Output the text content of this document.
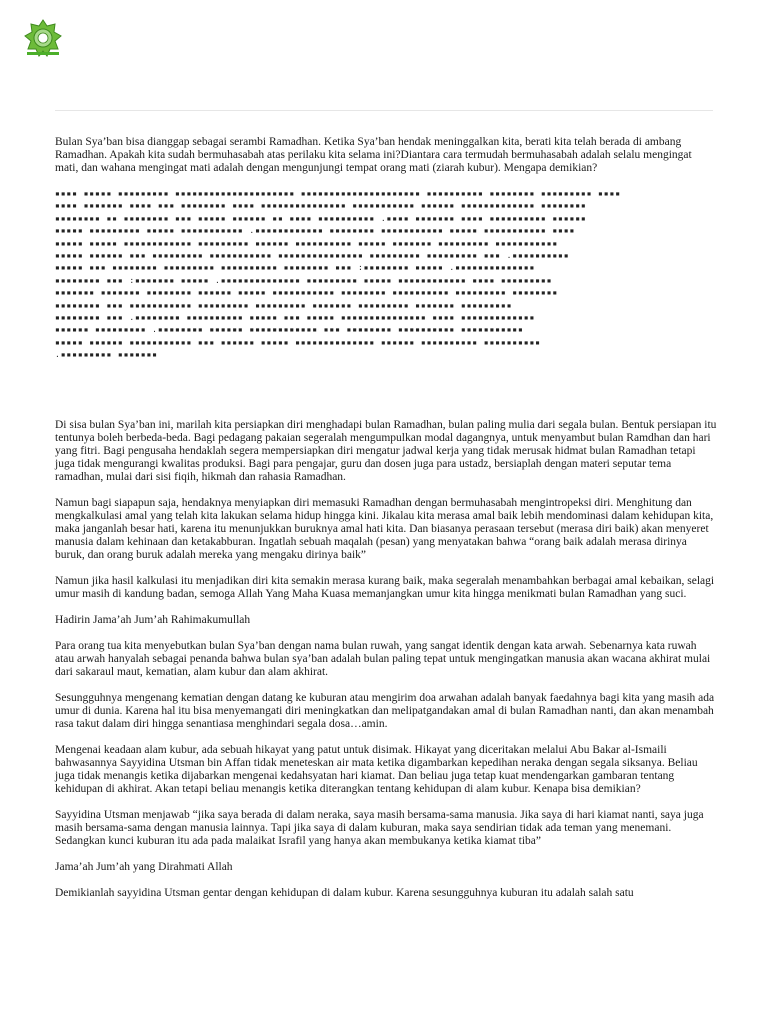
Bulan Sya’ban bisa dianggap sebagai serambi Ramadhan. Ketika Sya’ban hendak meninggalkan kita, berati kita telah berada di ambang Ramadhan. Apakah kita sudah bermuhasabah atas perilaku kita selama ini?Diantara cara termudah bermuhasabah adalah selalu mengingat mati, dan wahana mengingat mati adalah dengan mengunjungi tempat orang mati (ziarah kubur). Mengapa demikian?

▪▪▪▪ ▪▪▪▪▪ ▪▪▪▪▪▪▪▪▪ ▪▪▪▪▪▪▪▪▪▪▪▪▪▪▪▪▪▪▪▪▪ ▪▪▪▪▪▪▪▪▪▪▪▪▪▪▪▪▪▪▪▪▪ ▪▪▪▪▪▪▪▪▪▪ ▪▪▪▪▪▪▪▪ ▪▪▪▪▪▪▪▪▪ ▪▪▪▪
▪▪▪▪ ▪▪▪▪▪▪▪ ▪▪▪▪ ▪▪▪ ▪▪▪▪▪▪▪▪ ▪▪▪▪ ▪▪▪▪▪▪▪▪▪▪▪▪▪▪▪ ▪▪▪▪▪▪▪▪▪▪▪ ▪▪▪▪▪▪ ▪▪▪▪▪▪▪▪▪▪▪▪▪ ▪▪▪▪▪▪▪▪
▪▪▪▪▪▪▪▪ ▪▪ ▪▪▪▪▪▪▪▪ ▪▪▪ ▪▪▪▪▪ ▪▪▪▪▪▪ ▪▪ ▪▪▪▪ ▪▪▪▪▪▪▪▪▪▪ .▪▪▪▪ ▪▪▪▪▪▪▪ ▪▪▪▪ ▪▪▪▪▪▪▪▪▪▪ ▪▪▪▪▪▪
▪▪▪▪▪ ▪▪▪▪▪▪▪▪▪ ▪▪▪▪▪ ▪▪▪▪▪▪▪▪▪▪▪ .▪▪▪▪▪▪▪▪▪▪▪▪ ▪▪▪▪▪▪▪▪ ▪▪▪▪▪▪▪▪▪▪▪ ▪▪▪▪▪ ▪▪▪▪▪▪▪▪▪▪▪ ▪▪▪▪
▪▪▪▪▪ ▪▪▪▪▪ ▪▪▪▪▪▪▪▪▪▪▪▪ ▪▪▪▪▪▪▪▪▪ ▪▪▪▪▪▪ ▪▪▪▪▪▪▪▪▪▪ ▪▪▪▪▪ ▪▪▪▪▪▪▪ ▪▪▪▪▪▪▪▪▪ ▪▪▪▪▪▪▪▪▪▪▪
▪▪▪▪▪ ▪▪▪▪▪▪ ▪▪▪ ▪▪▪▪▪▪▪▪▪ ▪▪▪▪▪▪▪▪▪▪▪ ▪▪▪▪▪▪▪▪▪▪▪▪▪▪▪ ▪▪▪▪▪▪▪▪▪ ▪▪▪▪▪▪▪▪▪ ▪▪▪ .▪▪▪▪▪▪▪▪▪▪
▪▪▪▪▪ ▪▪▪ ▪▪▪▪▪▪▪▪ ▪▪▪▪▪▪▪▪▪ ▪▪▪▪▪▪▪▪▪▪ ▪▪▪▪▪▪▪▪ ▪▪▪ :▪▪▪▪▪▪▪▪ ▪▪▪▪▪ .▪▪▪▪▪▪▪▪▪▪▪▪▪▪
▪▪▪▪▪▪▪▪ ▪▪▪ :▪▪▪▪▪▪▪ ▪▪▪▪▪ .▪▪▪▪▪▪▪▪▪▪▪▪▪▪ ▪▪▪▪▪▪▪▪▪ ▪▪▪▪▪ ▪▪▪▪▪▪▪▪▪▪▪▪ ▪▪▪▪ ▪▪▪▪▪▪▪▪▪
▪▪▪▪▪▪▪ ▪▪▪▪▪▪▪ ▪▪▪▪▪▪▪▪ ▪▪▪▪▪▪ ▪▪▪▪▪ ▪▪▪▪▪▪▪▪▪▪▪ ▪▪▪▪▪▪▪▪ ▪▪▪▪▪▪▪▪▪▪ ▪▪▪▪▪▪▪▪▪ ▪▪▪▪▪▪▪▪
▪▪▪▪▪▪▪▪ ▪▪▪ ▪▪▪▪▪▪▪▪▪▪▪ ▪▪▪▪▪▪▪▪▪ ▪▪▪▪▪▪▪▪▪ ▪▪▪▪▪▪▪ ▪▪▪▪▪▪▪▪▪ ▪▪▪▪▪▪▪ ▪▪▪▪▪▪▪▪▪
▪▪▪▪▪▪▪▪ ▪▪▪ .▪▪▪▪▪▪▪▪ ▪▪▪▪▪▪▪▪▪▪ ▪▪▪▪▪ ▪▪▪ ▪▪▪▪▪ ▪▪▪▪▪▪▪▪▪▪▪▪▪▪▪ ▪▪▪▪ ▪▪▪▪▪▪▪▪▪▪▪▪▪
▪▪▪▪▪▪ ▪▪▪▪▪▪▪▪▪ .▪▪▪▪▪▪▪▪ ▪▪▪▪▪▪ ▪▪▪▪▪▪▪▪▪▪▪▪ ▪▪▪ ▪▪▪▪▪▪▪▪ ▪▪▪▪▪▪▪▪▪▪ ▪▪▪▪▪▪▪▪▪▪▪
▪▪▪▪▪ ▪▪▪▪▪▪ ▪▪▪▪▪▪▪▪▪▪▪ ▪▪▪ ▪▪▪▪▪▪ ▪▪▪▪▪ ▪▪▪▪▪▪▪▪▪▪▪▪▪▪ ▪▪▪▪▪▪ ▪▪▪▪▪▪▪▪▪▪ ▪▪▪▪▪▪▪▪▪▪
.▪▪▪▪▪▪▪▪▪ ▪▪▪▪▪▪▪

Di sisa bulan Sya’ban ini, marilah kita persiapkan diri menghadapi bulan Ramadhan, bulan paling mulia dari segala bulan. Bentuk persiapan itu tentunya boleh berbeda-beda. Bagi pedagang pakaian segeralah mengumpulkan modal dagangnya, untuk menyambut bulan Ramdhan dan hari yang fitri. Bagi pengusaha hendaklah segera mempersiapkan diri mengatur jadwal kerja yang tidak merusak hidmat bulan Ramadhan tetapi juga tidak mengurangi kwalitas produksi. Bagi para pengajar, guru dan dosen juga para ustadz, bersiaplah dengan materi seputar tema ramadhan, mulai dari sisi fiqih, hikmah dan rahasia Ramadhan.

Namun bagi siapapun saja, hendaknya menyiapkan diri memasuki Ramadhan dengan bermuhasabah mengintropeksi diri. Menghitung dan mengkalkulasi amal yang telah kita lakukan selama hidup hingga kini. Jikalau kita merasa amal baik lebih mendominasi dalam kehidupan kita, maka janganlah besar hati, karena itu menunjukkan buruknya amal hati kita. Dan biasanya perasaan tersebut (merasa diri baik) akan menyeret manusia dalam kehinaan dan ketakabburan. Ingatlah sebuah maqalah (pesan) yang menyatakan bahwa “orang baik adalah merasa dirinya buruk, dan orang buruk adalah mereka yang mengaku dirinya baik”

Namun jika hasil kalkulasi itu menjadikan diri kita semakin merasa kurang baik, maka segeralah menambahkan berbagai amal kebaikan, selagi umur masih di kandung badan, semoga Allah Yang Maha Kuasa memanjangkan umur kita hingga menikmati bulan Ramadhan yang suci.

Hadirin Jama’ah Jum’ah Rahimakumullah

Para orang tua kita menyebutkan bulan Sya’ban dengan nama bulan ruwah, yang sangat identik dengan kata arwah. Sebenarnya kata ruwah atau arwah hanyalah sebagai penanda bahwa bulan sya’ban adalah bulan paling tepat untuk mengingatkan manusia akan wacana akhirat mulai dari sakaraul maut, kematian, alam kubur dan alam akhirat.

Sesungguhnya mengenang kematian dengan datang ke kuburan atau mengirim doa arwahan adalah banyak faedahnya bagi kita yang masih ada umur di dunia. Karena hal itu bisa menyemangati diri meningkatkan dan melipatgandakan amal di bulan Ramadhan nanti, dan akan menambah rasa takut dalam diri hingga senantiasa menghindari segala dosa…amin.

Mengenai keadaan alam kubur, ada sebuah hikayat yang patut untuk disimak. Hikayat yang diceritakan melalui Abu Bakar al-Ismaili bahwasannya Sayyidina Utsman bin Affan tidak meneteskan air mata ketika digambarkan kepedihan neraka dengan segala siksanya. Beliau juga tidak menangis ketika dijabarkan mengenai kedahsyatan hari kiamat. Dan beliau juga tetap kuat mendengarkan gambaran tentang kehidupan di akhirat. Akan tetapi beliau menangis ketika diterangkan tentang kehidupan di alam kubur. Kenapa bisa demikian?

Sayyidina Utsman menjawab “jika saya berada di dalam neraka, saya masih bersama-sama manusia. Jika saya di hari kiamat nanti, saya juga masih bersama-sama dengan manusia lainnya. Tapi jika saya di dalam kuburan, maka saya sendirian tidak ada teman yang menemani. Sedangkan kunci kuburan itu ada pada malaikat Israfil yang hanya akan membukanya ketika kiamat tiba”

Jama’ah Jum’ah yang Dirahmati Allah

Demikianlah sayyidina Utsman gentar dengan kehidupan di dalam kubur. Karena sesungguhnya kuburan itu adalah salah satu
